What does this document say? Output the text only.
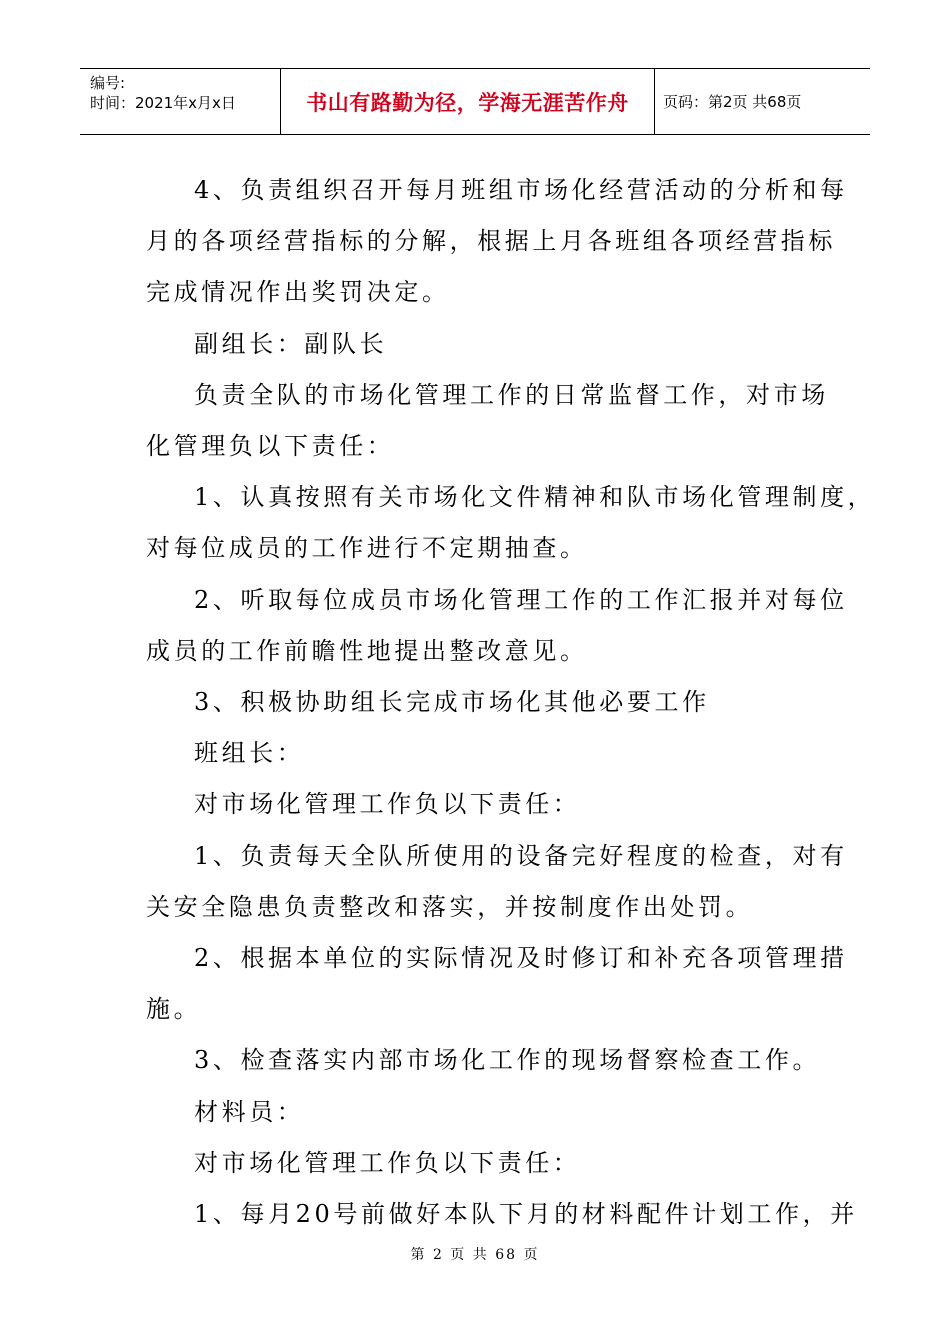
编号:
时间：2021年x月x日	书山有路勤为径，学海无涯苦作舟 页码：第2页 共68页

4、负责组织召开每月班组市场化经营活动的分析和每

月的各项经营指标的分解，根据上月各班组各项经营指标

完成情况作出奖罚决定。

副组长：副队长

负责全队的市场化管理工作的日常监督工作，对市场

化管理负以下责任：

1、认真按照有关市场化文件精神和队市场化管理制度，

对每位成员的工作进行不定期抽查。

2、听取每位成员市场化管理工作的工作汇报并对每位

成员的工作前瞻性地提出整改意见。

3、积极协助组长完成市场化其他必要工作

班组长：

对市场化管理工作负以下责任：

1、负责每天全队所使用的设备完好程度的检查，对有

关安全隐患负责整改和落实，并按制度作出处罚。

2、根据本单位的实际情况及时修订和补充各项管理措

施。

3、检查落实内部市场化工作的现场督察检查工作。

材料员：

对市场化管理工作负以下责任：

1、每月20号前做好本队下月的材料配件计划工作，并

第 2 页 共 68 页
